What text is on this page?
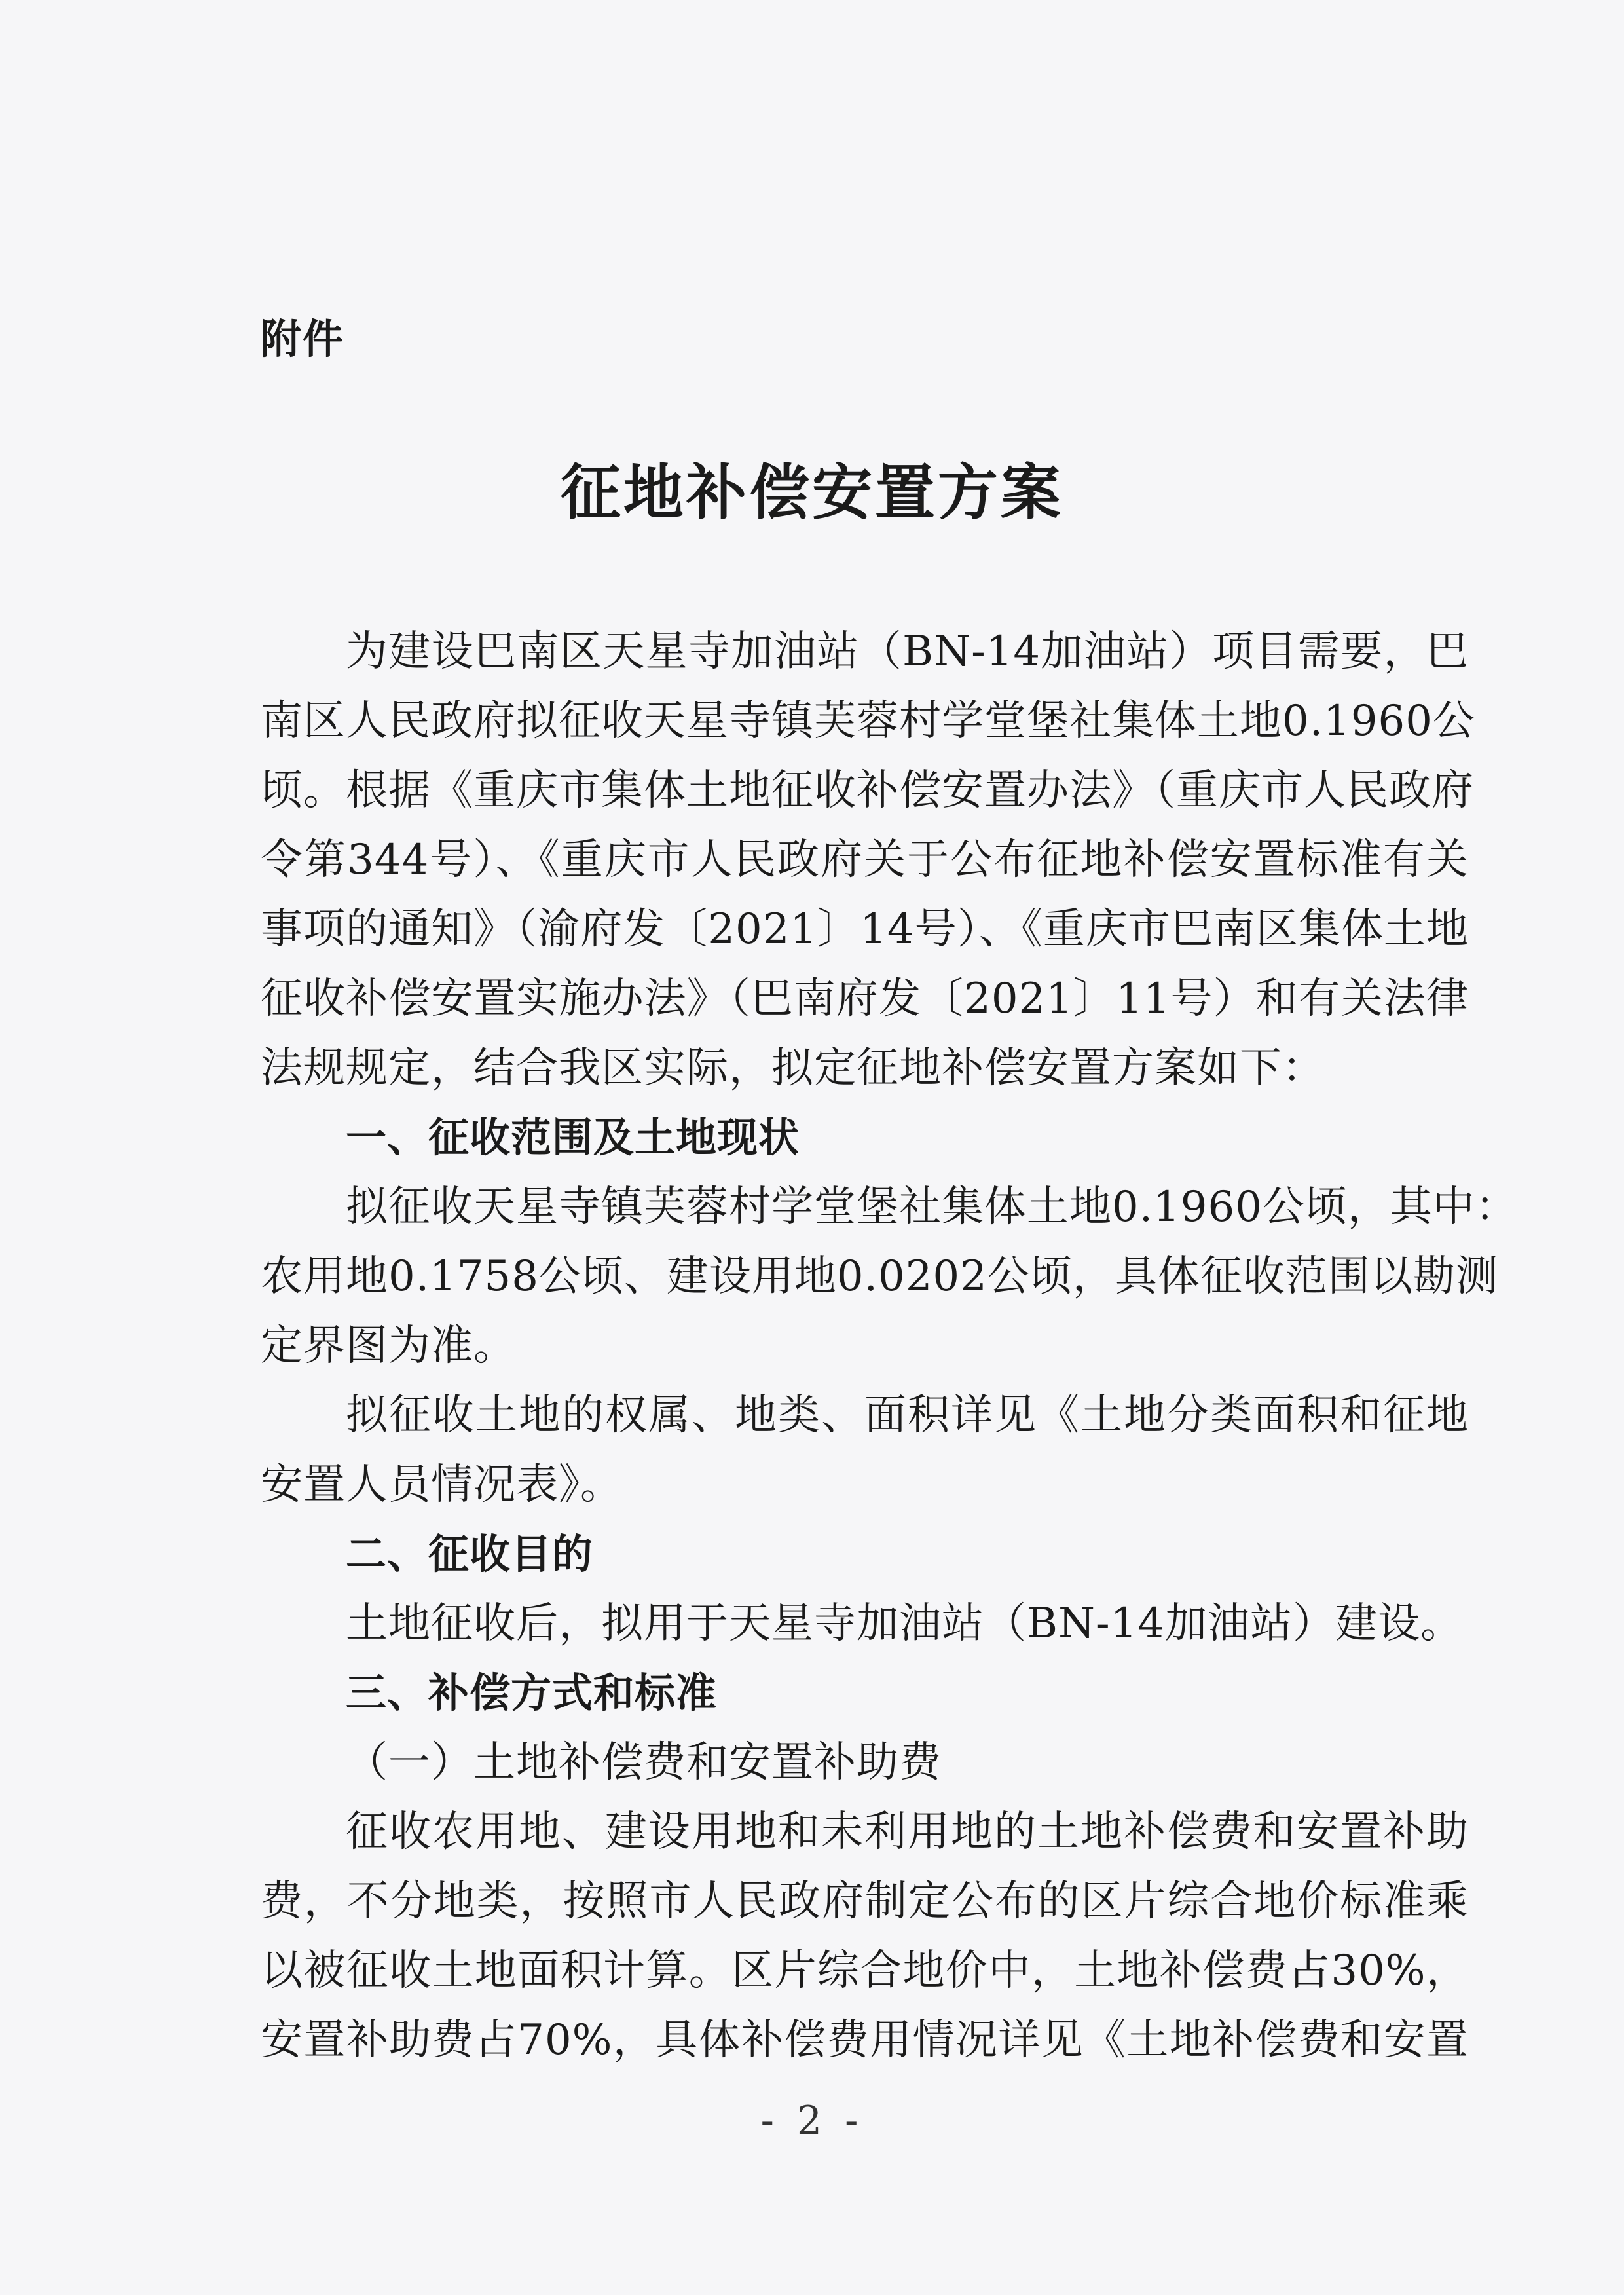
附件
征地补偿安置方案
为建设巴南区天星寺加油站（BN-14加油站）项目需要，巴
南区人民政府拟征收天星寺镇芙蓉村学堂堡社集体土地0.1960公
顷。根据《重庆市集体土地征收补偿安置办法》（重庆市人民政府
令第344号）、《重庆市人民政府关于公布征地补偿安置标准有关
事项的通知》（渝府发〔2021〕14号）、《重庆市巴南区集体土地
征收补偿安置实施办法》（巴南府发〔2021〕11号）和有关法律
法规规定，结合我区实际，拟定征地补偿安置方案如下：
一、征收范围及土地现状
拟征收天星寺镇芙蓉村学堂堡社集体土地0.1960公顷，其中：
农用地0.1758公顷、建设用地0.0202公顷，具体征收范围以勘测
定界图为准。
拟征收土地的权属、地类、面积详见《土地分类面积和征地
安置人员情况表》。
二、征收目的
土地征收后，拟用于天星寺加油站（BN-14加油站）建设。
三、补偿方式和标准
（一）土地补偿费和安置补助费
征收农用地、建设用地和未利用地的土地补偿费和安置补助
费，不分地类，按照市人民政府制定公布的区片综合地价标准乘
以被征收土地面积计算。区片综合地价中，土地补偿费占30%，
安置补助费占70%，具体补偿费用情况详见《土地补偿费和安置
- 2 -
